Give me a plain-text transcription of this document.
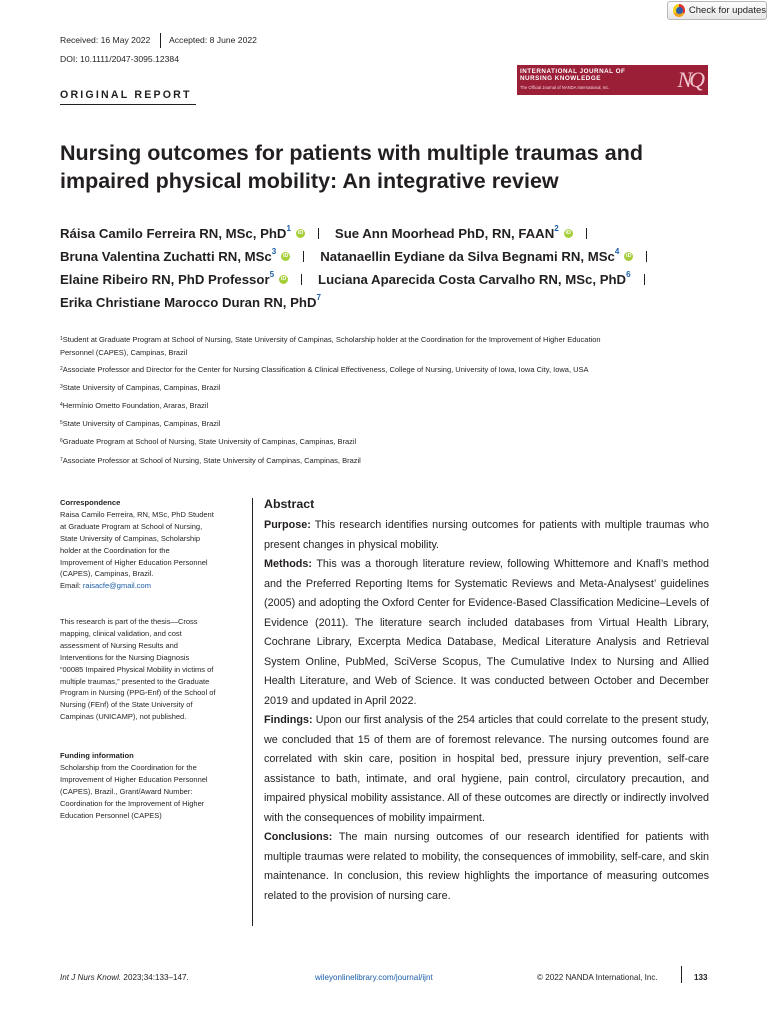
Check for updates
Received: 16 May 2022 Accepted: 8 June 2022
DOI: 10.1111/2047-3095.12384
ORIGINAL REPORT
INTERNATIONAL JOURNAL OF
NURSING KNOWLEDGE
The Official Journal of NANDA International, Inc.	NQ
Nursing outcomes for patients with multiple traumas and impaired physical mobility: An integrative review
Ráisa Camilo Ferreira RN, MSc, PhD$^1$	iD Sue Ann Moorhead PhD, RN, FAAN$^2$	iD
Bruna Valentina Zuchatti RN, MSc$^3$	iD Natanaellin Eydiane da Silva Begnami RN, MSc$^4$	iD
Elaine Ribeiro RN, PhD Professor$^5$	iD Luciana Aparecida Costa Carvalho RN, MSc, PhD$^6$
Erika Christiane Marocco Duran RN, PhD$^7$
$^1$Student at Graduate Program at School of Nursing, State University of Campinas, Scholarship holder at the Coordination for the Improvement of Higher Education
Personnel (CAPES), Campinas, Brazil
$^2$Associate Professor and Director for the Center for Nursing Classification & Clinical Effectiveness, College of Nursing, University of Iowa, Iowa City, Iowa, USA
$^3$State University of Campinas, Campinas, Brazil
$^4$Hermínio Ometto Foundation, Araras, Brazil
$^5$State University of Campinas, Campinas, Brazil
$^6$Graduate Program at School of Nursing, State University of Campinas, Campinas, Brazil
$^7$Associate Professor at School of Nursing, State University of Campinas, Campinas, Brazil
Correspondence
Raisa Camilo Ferreira, RN, MSc, PhD Student
at Graduate Program at School of Nursing,
State University of Campinas, Scholarship
holder at the Coordination for the
Improvement of Higher Education Personnel
(CAPES), Campinas, Brazil.
Email: raisacfe@gmail.com
This research is part of the thesis—Cross
mapping, clinical validation, and cost
assessment of Nursing Results and
Interventions for the Nursing Diagnosis
“00085 Impaired Physical Mobility in victims of
multiple traumas,” presented to the Graduate
Program in Nursing (PPG-Enf) of the School of
Nursing (FEnf) of the State University of
Campinas (UNICAMP), not published.
Funding information
Scholarship from the Coordination for the
Improvement of Higher Education Personnel
(CAPES), Brazil., Grant/Award Number:
Coordination for the Improvement of Higher
Education Personnel (CAPES)
Abstract

Purpose: This research identifies nursing outcomes for patients with multiple traumas who present changes in physical mobility.

Methods: This was a thorough literature review, following Whittemore and Knafl’s method and the Preferred Reporting Items for Systematic Reviews and Meta-Analysest’ guidelines (2005) and adopting the Oxford Center for Evidence-Based Classification Medicine–Levels of Evidence (2011). The literature search included databases from Virtual Health Library, Cochrane Library, Excerpta Medica Database, Medical Literature Analysis and Retrieval System Online, PubMed, SciVerse Scopus, The Cumulative Index to Nursing and Allied Health Literature, and Web of Science. It was conducted between October and December 2019 and updated in April 2022.

Findings: Upon our first analysis of the 254 articles that could correlate to the present study, we concluded that 15 of them are of foremost relevance. The nursing outcomes found are correlated with skin care, position in hospital bed, pressure injury prevention, self-care assistance to bath, intimate, and oral hygiene, pain control, circulatory precaution, and impaired physical mobility assistance. All of these outcomes are directly or indirectly involved with the consequences of mobility impairment.

Conclusions: The main nursing outcomes of our research identified for patients with multiple traumas were related to mobility, the consequences of immobility, self-care, and skin maintenance. In conclusion, this review highlights the importance of measuring outcomes related to the provision of nursing care.

Int J Nurs Knowl. 2023;34:133–147.	wileyonlinelibrary.com/journal/ijnt	© 2022 NANDA International, Inc.	133
